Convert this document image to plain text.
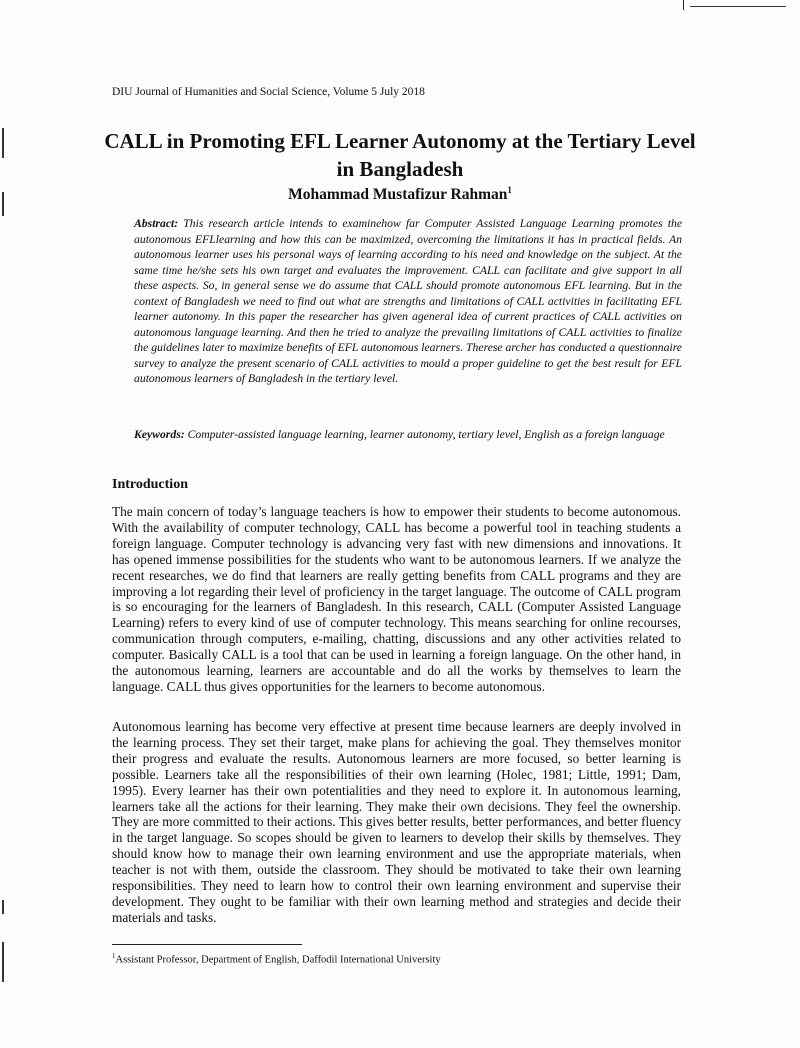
DIU Journal of Humanities and Social Science, Volume 5 July 2018
CALL in Promoting EFL Learner Autonomy at the Tertiary Level in Bangladesh
Mohammad Mustafizur Rahman$^1$

Abstract: This research article intends to examinehow far Computer Assisted Language Learning promotes the autonomous EFLlearning and how this can be maximized, overcoming the limitations it has in practical fields. An autonomous learner uses his personal ways of learning according to his need and knowledge on the subject. At the same time he/she sets his own target and evaluates the improvement. CALL can facilitate and give support in all these aspects. So, in general sense we do assume that CALL should promote autonomous EFL learning. But in the context of Bangladesh we need to find out what are strengths and limitations of CALL activities in facilitating EFL learner autonomy. In this paper the researcher has given ageneral idea of current practices of CALL activities on autonomous language learning. And then he tried to analyze the prevailing limitations of CALL activities to finalize the guidelines later to maximize benefits of EFL autonomous learners. Therese archer has conducted a questionnaire survey to analyze the present scenario of CALL activities to mould a proper guideline to get the best result for EFL autonomous learners of Bangladesh in the tertiary level.

Keywords: Computer-assisted language learning, learner autonomy, tertiary level, English as a foreign language

Introduction

The main concern of today’s language teachers is how to empower their students to become autonomous. With the availability of computer technology, CALL has become a powerful tool in teaching students a foreign language. Computer technology is advancing very fast with new dimensions and innovations. It has opened immense possibilities for the students who want to be autonomous learners. If we analyze the recent researches, we do find that learners are really getting benefits from CALL programs and they are improving a lot regarding their level of proficiency in the target language. The outcome of CALL program is so encouraging for the learners of Bangladesh. In this research, CALL (Computer Assisted Language Learning) refers to every kind of use of computer technology. This means searching for online recourses, communication through computers, e-mailing, chatting, discussions and any other activities related to computer. Basically CALL is a tool that can be used in learning a foreign language. On the other hand, in the autonomous learning, learners are accountable and do all the works by themselves to learn the language. CALL thus gives opportunities for the learners to become autonomous.

Autonomous learning has become very effective at present time because learners are deeply involved in the learning process. They set their target, make plans for achieving the goal. They themselves monitor their progress and evaluate the results. Autonomous learners are more focused, so better learning is possible. Learners take all the responsibilities of their own learning (Holec, 1981; Little, 1991; Dam, 1995). Every learner has their own potentialities and they need to explore it. In autonomous learning, learners take all the actions for their learning. They make their own decisions. They feel the ownership. They are more committed to their actions. This gives better results, better performances, and better fluency in the target language. So scopes should be given to learners to develop their skills by themselves. They should know how to manage their own learning environment and use the appropriate materials, when teacher is not with them, outside the classroom. They should be motivated to take their own learning responsibilities. They need to learn how to control their own learning environment and supervise their development. They ought to be familiar with their own learning method and strategies and decide their materials and tasks.

$^1$Assistant Professor, Department of English, Daffodil International University
